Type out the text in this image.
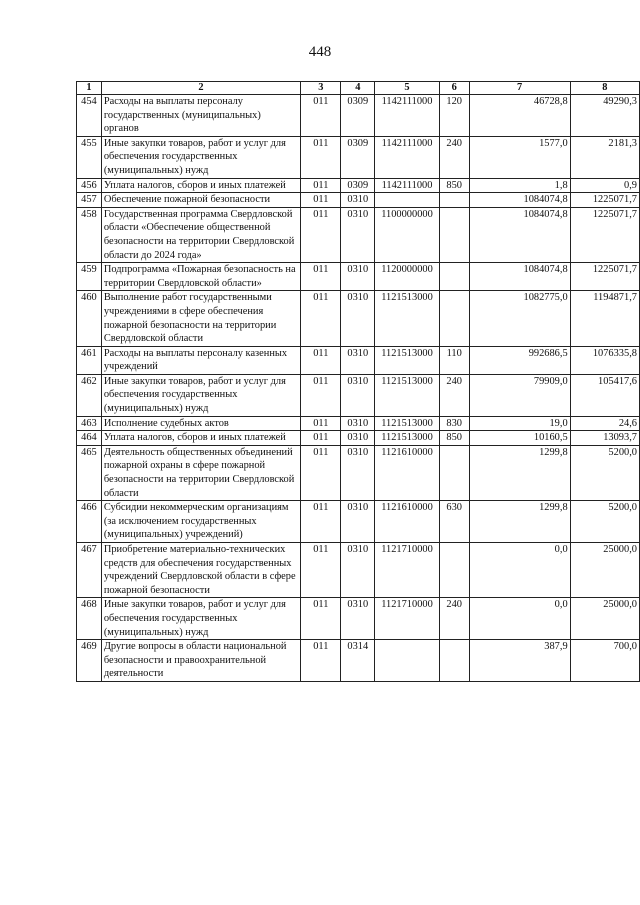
448
1	2	3	4	5	6	7	8
454	Расходы на выплаты персоналу государственных (муниципальных) органов	011	0309	1142111000	120	46728,8	49290,3
455	Иные закупки товаров, работ и услуг для обеспечения государственных (муниципальных) нужд	011	0309	1142111000	240	1577,0	2181,3
456	Уплата налогов, сборов и иных платежей	011	0309	1142111000	850	1,8	0,9
457	Обеспечение пожарной безопасности	011	0310			1084074,8	1225071,7
458	Государственная программа Свердловской области «Обеспечение общественной безопасности на территории Свердловской области до 2024 года»	011	0310	1100000000		1084074,8	1225071,7
459	Подпрограмма «Пожарная безопасность на территории Свердловской области»	011	0310	1120000000		1084074,8	1225071,7
460	Выполнение работ государственными учреждениями в сфере обеспечения пожарной безопасности на территории Свердловской области	011	0310	1121513000		1082775,0	1194871,7
461	Расходы на выплаты персоналу казенных учреждений	011	0310	1121513000	110	992686,5	1076335,8
462	Иные закупки товаров, работ и услуг для обеспечения государственных (муниципальных) нужд	011	0310	1121513000	240	79909,0	105417,6
463	Исполнение судебных актов	011	0310	1121513000	830	19,0	24,6
464	Уплата налогов, сборов и иных платежей	011	0310	1121513000	850	10160,5	13093,7
465	Деятельность общественных объединений пожарной охраны в сфере пожарной безопасности на территории Свердловской области	011	0310	1121610000		1299,8	5200,0
466	Субсидии некоммерческим организациям (за исключением государственных (муниципальных) учреждений)	011	0310	1121610000	630	1299,8	5200,0
467	Приобретение материально-технических средств для обеспечения государственных учреждений Свердловской области в сфере пожарной безопасности	011	0310	1121710000		0,0	25000,0
468	Иные закупки товаров, работ и услуг для обеспечения государственных (муниципальных) нужд	011	0310	1121710000	240	0,0	25000,0
469	Другие вопросы в области национальной безопасности и правоохранительной деятельности	011	0314			387,9	700,0
